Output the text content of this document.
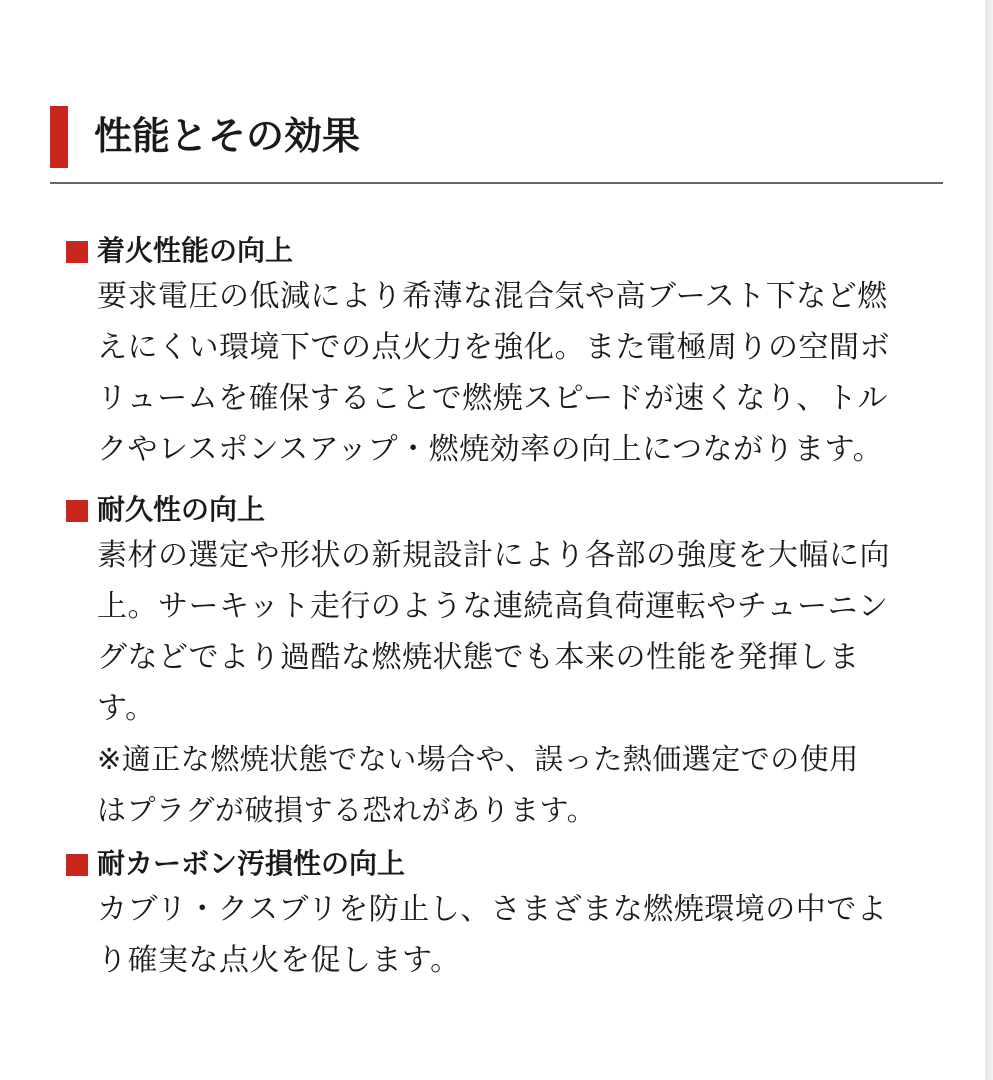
性能とその効果
着火性能の向上

要求電圧の低減により希薄な混合気や高ブースト下など燃
えにくい環境下での点火力を強化。また電極周りの空間ボ
リュームを確保することで燃焼スピードが速くなり、トル
クやレスポンスアップ・燃焼効率の向上につながります。

耐久性の向上

素材の選定や形状の新規設計により各部の強度を大幅に向
上。サーキット走行のような連続高負荷運転やチューニン
グなどでより過酷な燃焼状態でも本来の性能を発揮しま
す。
※適正な燃焼状態でない場合や、誤った熱価選定での使用
はプラグが破損する恐れがあります。

耐カーボン汚損性の向上

カブリ・クスブリを防止し、さまざまな燃焼環境の中でよ
り確実な点火を促します。
